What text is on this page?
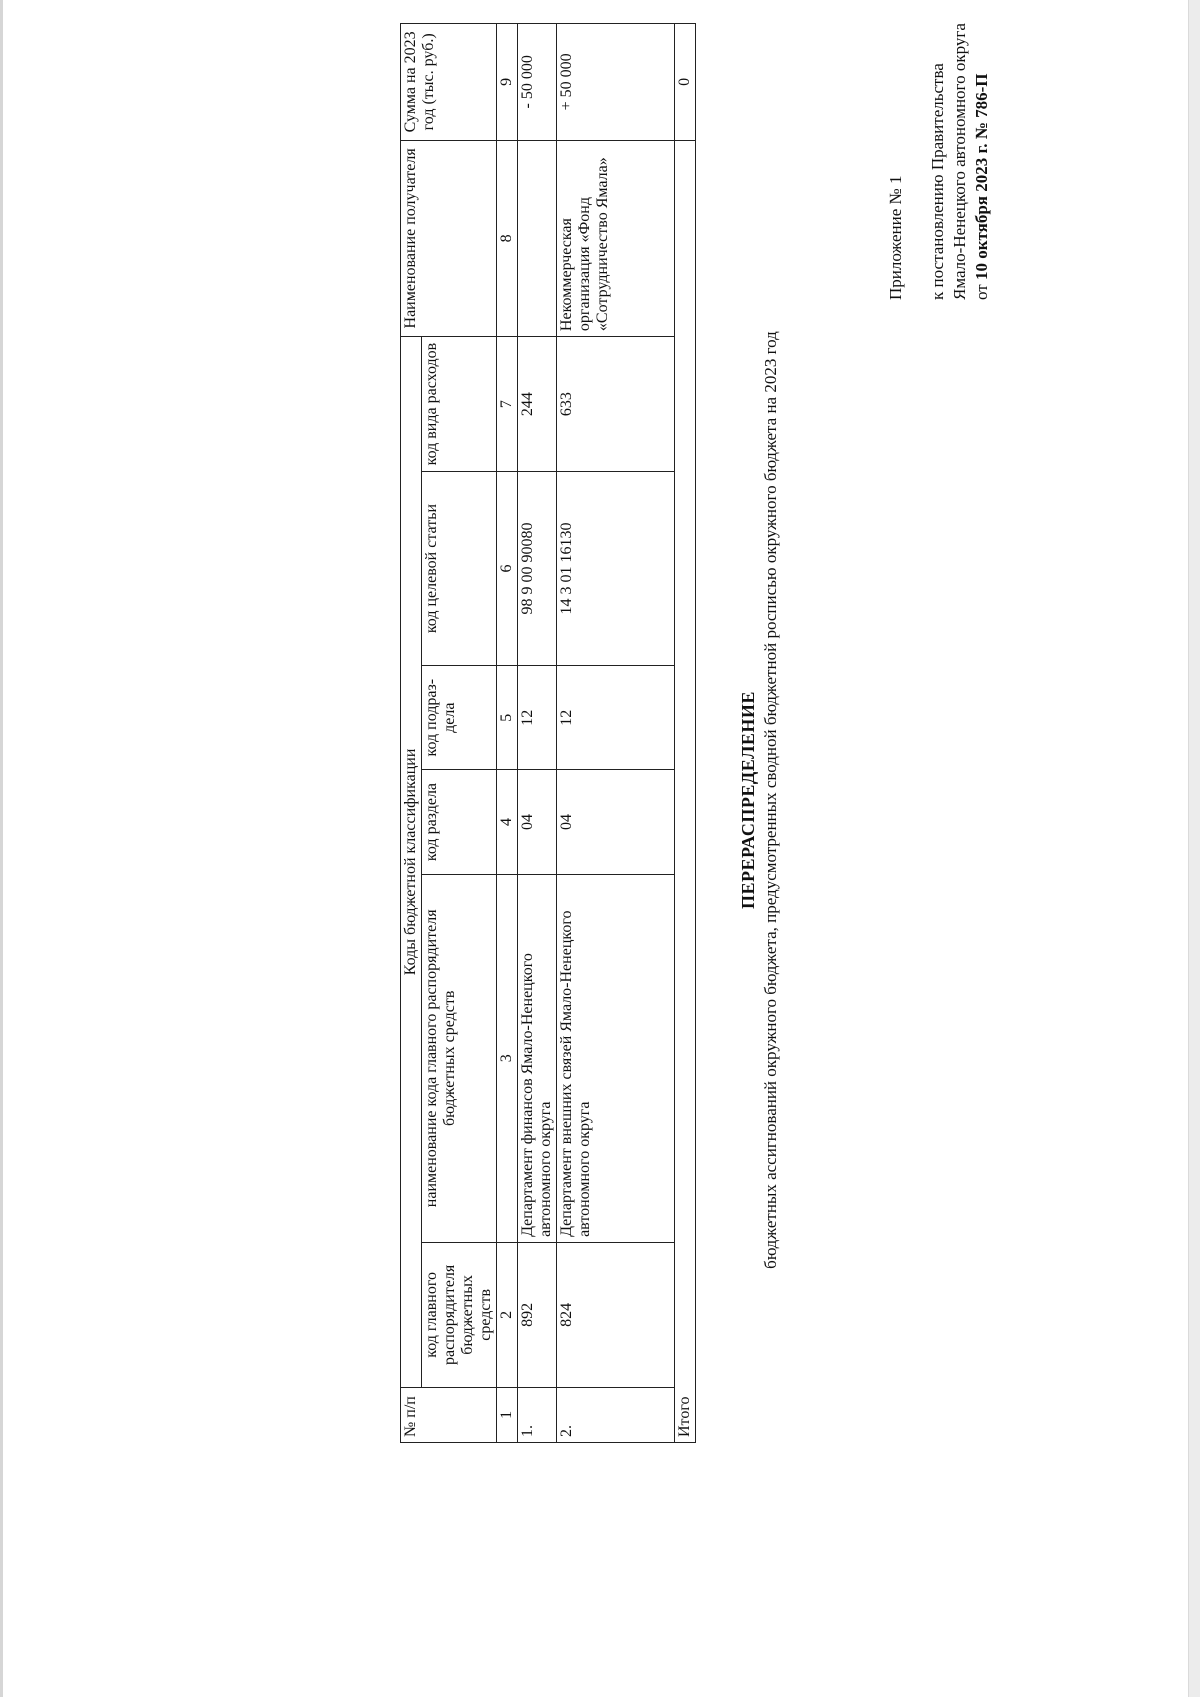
Приложение № 1 к постановлению Правительства Ямало-Ненецкого автономного округа от 10 октября 2023 г. № 786-П
ПЕРЕРАСПРЕДЕЛЕНИЕ бюджетных ассигнований окружного бюджета, предусмотренных сводной бюджетной росписью окружного бюджета на 2023 год
№ п/п	Коды бюджетной классификации						Наименование получателя	Сумма на 2023 год (тыс. руб.)
	код главного распорядителя бюджетных средств	наименование кода главного распорядителя бюджетных средств	код раздела	код подраз-дела	код целевой статьи	код вида расходов		
1	2	3	4	5	6	7	8	9
1.	892	Департамент финансов Ямало-Ненецкого автономного округа	04	12	98 9 00 90080	244		- 50 000
2.	824	Департамент внешних связей Ямало-Ненецкого автономного округа	04	12	14 3 01 16130	633	Некоммерческая организация «Фонд «Сотрудничество Ямала»	+ 50 000
Итого								0
